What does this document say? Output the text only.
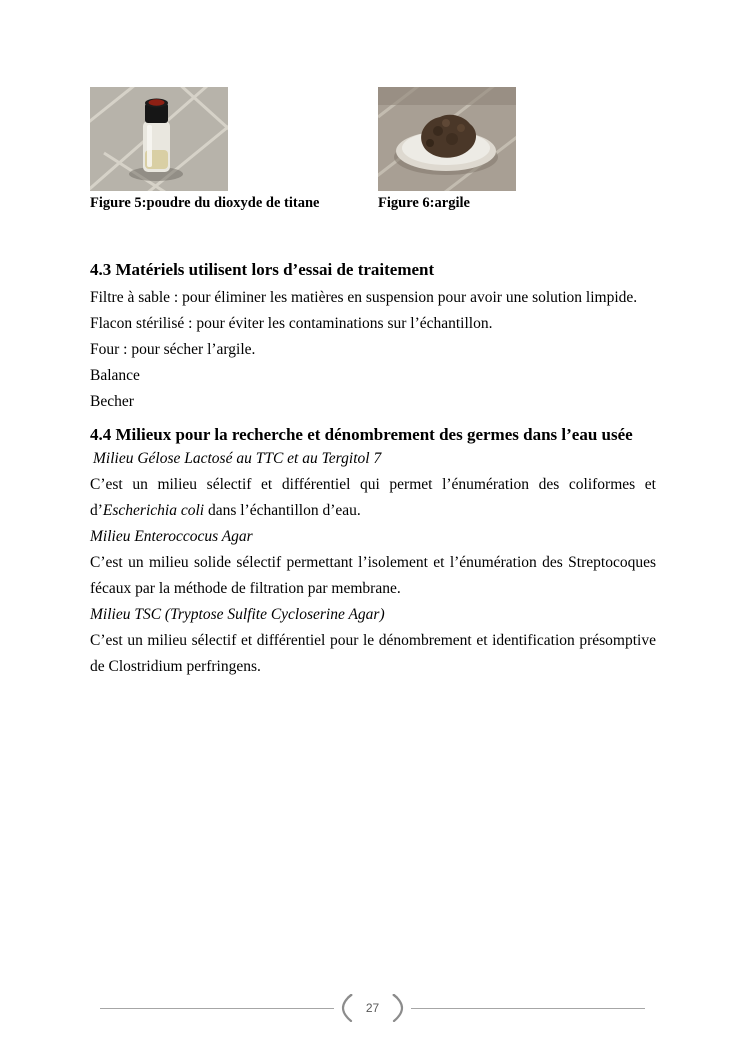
Figure 5:poudre du dioxyde de titane	Figure 6:argile
4.3 Matériels utilisent lors d’essai de traitement

Filtre à sable : pour éliminer les matières en suspension pour avoir une solution limpide.

Flacon stérilisé : pour éviter les contaminations sur l’échantillon.

Four : pour sécher l’argile.

Balance

Becher

4.4 Milieux pour la recherche et dénombrement des germes dans l’eau usée

Milieu Gélose Lactosé au TTC et au Tergitol 7

C’est un milieu sélectif et différentiel qui permet l’énumération des coliformes et d’Escherichia coli dans l’échantillon d’eau.

Milieu Enteroccocus Agar

C’est un milieu solide sélectif permettant l’isolement et l’énumération des Streptocoques fécaux par la méthode de filtration par membrane.

Milieu TSC (Tryptose Sulfite Cycloserine Agar)

C’est un milieu sélectif et différentiel pour le dénombrement et identification présomptive de Clostridium perfringens.

27
